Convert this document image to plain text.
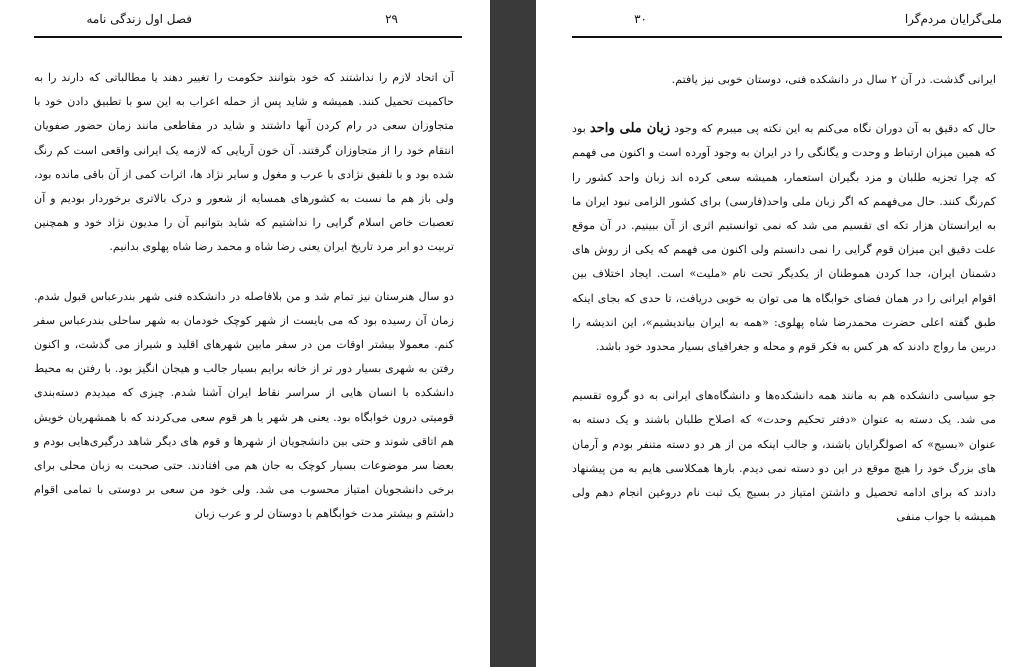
فصل اول زندگی نامه	۲۹

آن اتحاد لازم را نداشتند که خود بتوانند حکومت را تغییر دهند یا مطالباتی که دارند را به حاکمیت تحمیل کنند. همیشه و شاید پس از حمله اعراب به این سو با تطبیق دادن خود با متجاوزان سعی در رام کردن آنها داشتند و شاید در مقاطعی مانند زمان حضور صفویان انتقام خود را از متجاوزان گرفتند. آن خون آریایی که لازمه یک ایرانی واقعی است کم رنگ شده بود و با تلفیق نژادی با عرب و مغول و سایر نژاد ها، اثرات کمی از آن باقی مانده بود، ولی باز هم ما نسبت به کشورهای همسایه از شعور و درک بالاتری برخوردار بودیم و آن تعصبات خاص اسلام گرایی را نداشتیم که شاید بتوانیم آن را مدیون نژاد خود و همچنین تربیت دو ابر مرد تاریخ ایران یعنی رضا شاه و محمد رضا شاه پهلوی بدانیم.

دو سال هنرستان نیز تمام شد و من بلافاصله در دانشکده فنی شهر بندرعباس قبول شدم. زمان آن رسیده بود که می بایست از شهر کوچک خودمان به شهر ساحلی بندرعباس سفر کنم. معمولا بیشتر اوقات من در سفر مابین شهرهای اقلید و شیراز می گذشت، و اکنون رفتن به شهری بسیار دور تر از خانه برایم بسیار جالب و هیجان انگیز بود. با رفتن به محیط دانشکده با انسان هایی از سراسر نقاط ایران آشنا شدم. چیزی که میدیدم دسته‌بندی قومیتی درون خوابگاه بود. یعنی هر شهر یا هر قوم سعی می‌کردند که با همشهریان خویش هم اتاقی شوند و حتی بین دانشجویان از شهرها و قوم های دیگر شاهد درگیری‌هایی بودم و بعضا سر موضوعات بسیار کوچک به جان هم می افتادند. حتی صحبت به زبان محلی برای برخی دانشجویان امتیاز محسوب می شد. ولی خود من سعی بر دوستی با تمامی اقوام داشتم و بیشتر مدت خوابگاهم با دوستان لر و عرب زبان

ملی‌گرایان مردم‌گرا
۳۰

ایرانی گذشت. در آن ۲ سال در دانشکده فنی، دوستان خوبی نیز یافتم.

حال که دقیق به آن دوران نگاه می‌کنم به این نکته پی میبرم که وجود زبان ملی واحد بود که همین میزان ارتباط و وحدت و یگانگی را در ایران به وجود آورده است و اکنون می فهمم که چرا تجزیه طلبان و مزد بگیران استعمار، همیشه سعی کرده اند زبان واحد کشور را کم‌رنگ کنند. حال می‌فهمم که اگر زبان ملی واحد(فارسی) برای کشور الزامی نبود ایران ما به ایرانستان هزار تکه ای تقسیم می شد که نمی توانستیم اثری از آن ببینیم. در آن موقع علت دقیق این میزان قوم گرایی را نمی دانستم ولی اکنون می فهمم که یکی از روش های دشمنان ایران، جدا کردن هموطنان از یکدیگر تحت نام «ملیت» است. ایجاد اختلاف بین اقوام ایرانی را در همان فضای خوابگاه ها می توان به خوبی دریافت، تا حدی که بجای اینکه طبق گفته اعلی حضرت محمدرضا شاه پهلوی: «همه به ایران بیاندیشیم»، این اندیشه را دربین ما رواج دادند که هر کس به فکر قوم و محله و جغرافیای بسیار محدود خود باشد.

جو سیاسی دانشکده هم به مانند همه دانشکده‌ها و دانشگاه‌های ایرانی به دو گروه تقسیم می شد. یک دسته به عنوان «دفتر تحکیم وحدت» که اصلاح طلبان باشند و یک دسته به عنوان «بسیج» که اصولگرایان باشند، و جالب اینکه من از هر دو دسته متنفر بودم و آرمان های بزرگ خود را هیچ موقع در این دو دسته نمی دیدم. بارها همکلاسی هایم به من پیشنهاد دادند که برای ادامه تحصیل و داشتن امتیاز در بسیج یک ثبت نام دروغین انجام دهم ولی همیشه با جواب منفی
